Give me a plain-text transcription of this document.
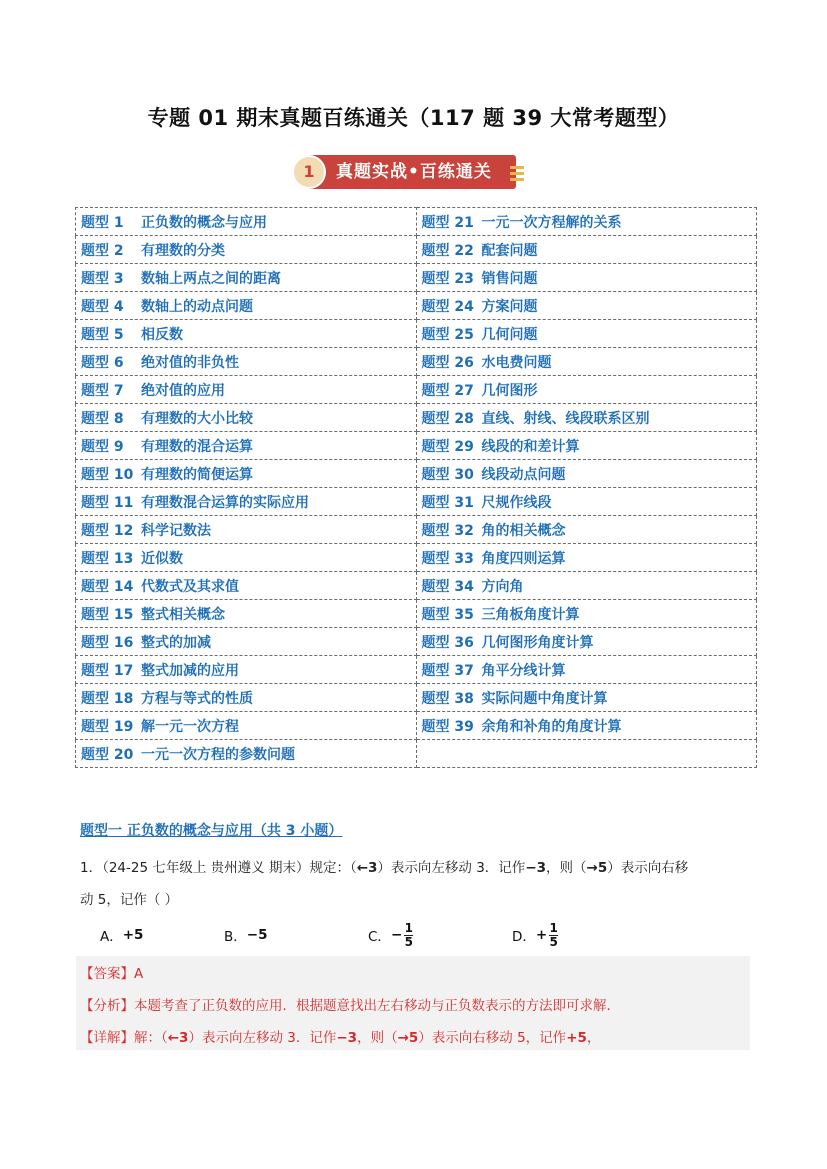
专题 01 期末真题百练通关（117 题 39 大常考题型）
1	真题实战•百练通关
题型 1 正负数的概念与应用	题型 21 一元一次方程解的关系
题型 2 有理数的分类	题型 22 配套问题
题型 3 数轴上两点之间的距离	题型 23 销售问题
题型 4 数轴上的动点问题	题型 24 方案问题
题型 5 相反数	题型 25 几何问题
题型 6 绝对值的非负性	题型 26 水电费问题
题型 7 绝对值的应用	题型 27 几何图形
题型 8 有理数的大小比较	题型 28 直线、射线、线段联系区别
题型 9 有理数的混合运算	题型 29 线段的和差计算
题型 10 有理数的简便运算	题型 30 线段动点问题
题型 11 有理数混合运算的实际应用	题型 31 尺规作线段
题型 12 科学记数法	题型 32 角的相关概念
题型 13 近似数	题型 33 角度四则运算
题型 14 代数式及其求值	题型 34 方向角
题型 15 整式相关概念	题型 35 三角板角度计算
题型 16 整式的加减	题型 36 几何图形角度计算
题型 17 整式加减的应用	题型 37 角平分线计算
题型 18 方程与等式的性质	题型 38 实际问题中角度计算
题型 19 解一元一次方程	题型 39 余角和补角的角度计算
题型 20 一元一次方程的参数问题	
题型一 正负数的概念与应用（共 3 小题）
1．（24-25 七年级上 贵州遵义 期末）规定：（←3）表示向左移动 3．记作−3，则（→5）表示向右移
动 5，记作（ ）
A． +5	B． −5	C． − $\frac{1}{5}$	D． + $\frac{1}{5}$
【答案】A
【分析】本题考查了正负数的应用．根据题意找出左右移动与正负数表示的方法即可求解．
【详解】解：（←3）表示向左移动 3．记作−3，则（→5）表示向右移动 5，记作+5，
